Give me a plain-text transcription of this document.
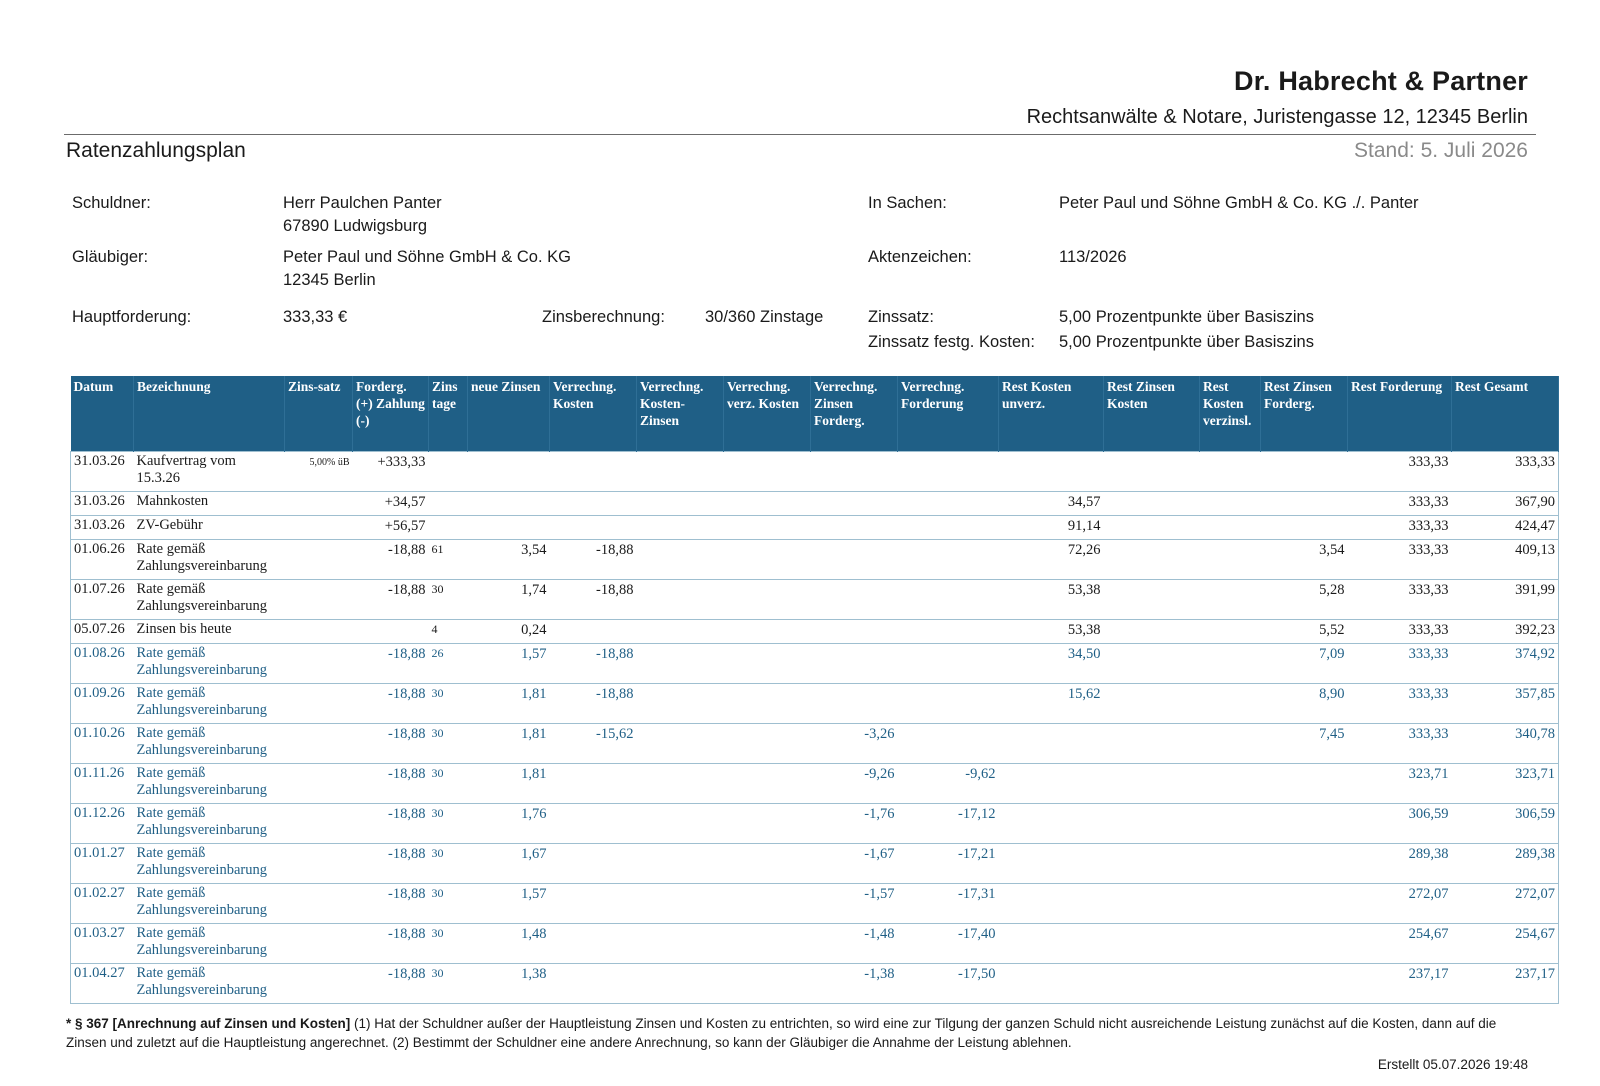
Dr. Habrecht & Partner
Rechtsanwälte & Notare, Juristengasse 12, 12345 Berlin
Ratenzahlungsplan	Stand: 5. Juli 2026
Schuldner:	Herr Paulchen Panter
67890 Ludwigsburg
Gläubiger:	Peter Paul und Söhne GmbH & Co. KG
12345 Berlin
Hauptforderung:	333,33 €	Zinsberechnung: 30/360 Zinstage
In Sachen:	Peter Paul und Söhne GmbH & Co. KG ./. Panter
Aktenzeichen:	113/2026
Zinssatz:	5,00 Prozentpunkte über Basiszins
Zinssatz festg. Kosten: 5,00 Prozentpunkte über Basiszins
Datum	Bezeichnung	Zins-satz	Forderg. (+) Zahlung (-)	Zins tage	neue Zinsen	Verrechng. Kosten	Verrechng. Kosten-Zinsen	Verrechng. verz. Kosten	Verrechng. Zinsen Forderg.	Verrechng. Forderung	Rest Kosten unverz.	Rest Zinsen Kosten	Rest Kosten verzinsl.	Rest Zinsen Forderg.	Rest Forderung	Rest Gesamt
31.03.26	Kaufvertrag vom 15.3.26	5,00% üB	+333,33												333,33	333,33
31.03.26	Mahnkosten		+34,57								34,57				333,33	367,90
31.03.26	ZV-Gebühr		+56,57								91,14				333,33	424,47
01.06.26	Rate gemäß Zahlungsvereinbarung		-18,88	61	3,54	-18,88					72,26			3,54	333,33	409,13
01.07.26	Rate gemäß Zahlungsvereinbarung		-18,88	30	1,74	-18,88					53,38			5,28	333,33	391,99
05.07.26	Zinsen bis heute			4	0,24						53,38			5,52	333,33	392,23
01.08.26	Rate gemäß Zahlungsvereinbarung		-18,88	26	1,57	-18,88					34,50			7,09	333,33	374,92
01.09.26	Rate gemäß Zahlungsvereinbarung		-18,88	30	1,81	-18,88					15,62			8,90	333,33	357,85
01.10.26	Rate gemäß Zahlungsvereinbarung		-18,88	30	1,81	-15,62			-3,26					7,45	333,33	340,78
01.11.26	Rate gemäß Zahlungsvereinbarung		-18,88	30	1,81				-9,26	-9,62					323,71	323,71
01.12.26	Rate gemäß Zahlungsvereinbarung		-18,88	30	1,76				-1,76	-17,12					306,59	306,59
01.01.27	Rate gemäß Zahlungsvereinbarung		-18,88	30	1,67				-1,67	-17,21					289,38	289,38
01.02.27	Rate gemäß Zahlungsvereinbarung		-18,88	30	1,57				-1,57	-17,31					272,07	272,07
01.03.27	Rate gemäß Zahlungsvereinbarung		-18,88	30	1,48				-1,48	-17,40					254,67	254,67
01.04.27	Rate gemäß Zahlungsvereinbarung		-18,88	30	1,38				-1,38	-17,50					237,17	237,17
* § 367 [Anrechnung auf Zinsen und Kosten] (1) Hat der Schuldner außer der Hauptleistung Zinsen und Kosten zu entrichten, so wird eine zur Tilgung der ganzen Schuld nicht ausreichende Leistung zunächst auf die Kosten, dann auf die Zinsen und zuletzt auf die Hauptleistung angerechnet. (2) Bestimmt der Schuldner eine andere Anrechnung, so kann der Gläubiger die Annahme der Leistung ablehnen.
Erstellt 05.07.2026 19:48
